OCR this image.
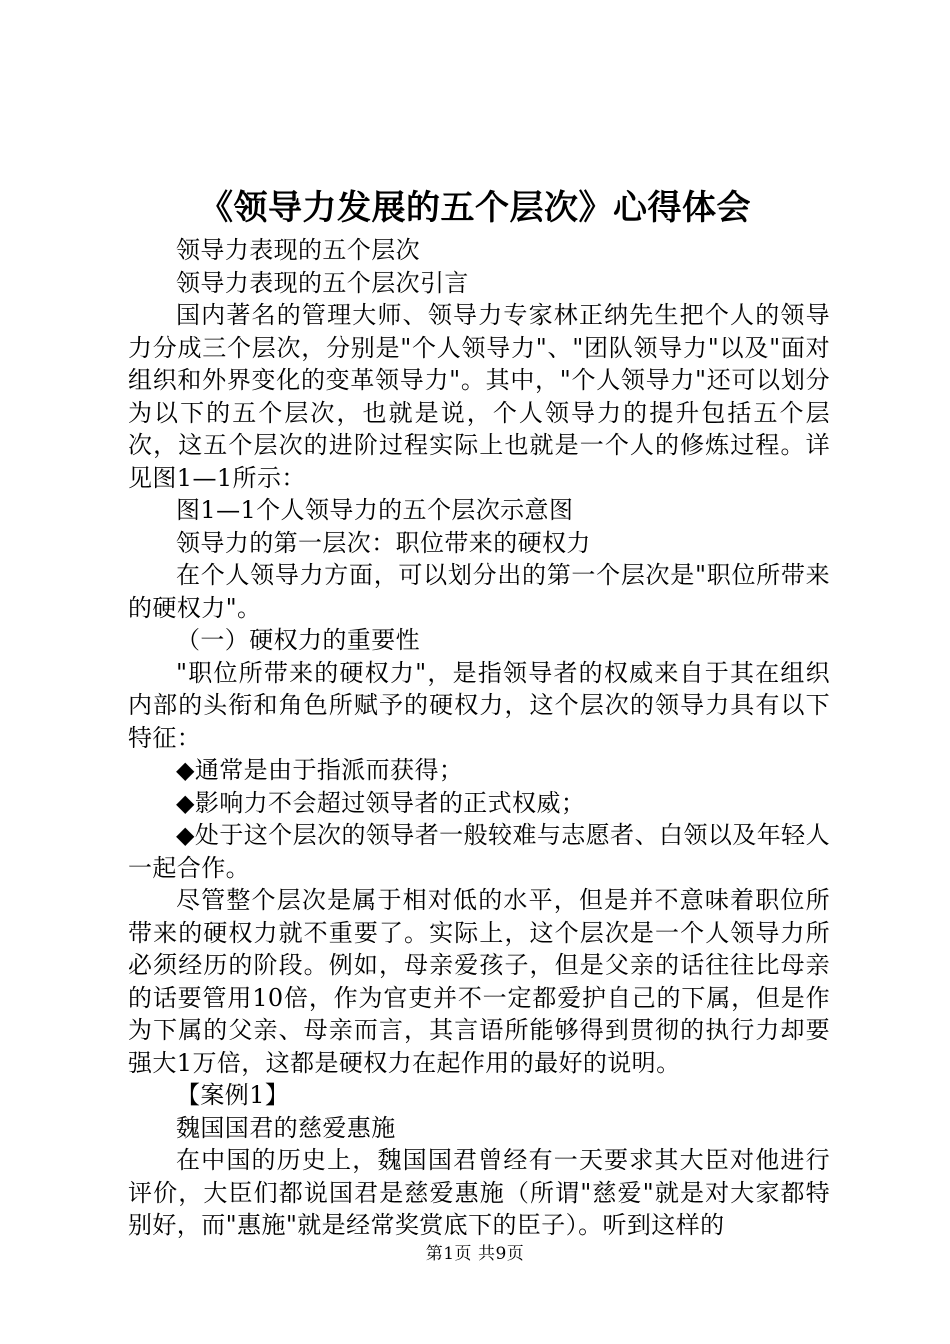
《领导力发展的五个层次》心得体会

领导力表现的五个层次

领导力表现的五个层次引言

国内著名的管理大师、领导力专家林正纳先生把个人的领导力分成三个层次，分别是"个人领导力"、"团队领导力"以及"面对组织和外界变化的变革领导力"。其中，"个人领导力"还可以划分为以下的五个层次，也就是说，个人领导力的提升包括五个层次，这五个层次的进阶过程实际上也就是一个人的修炼过程。详见图1—1所示：

图1—1个人领导力的五个层次示意图

领导力的第一层次：职位带来的硬权力

在个人领导力方面，可以划分出的第一个层次是"职位所带来的硬权力"。

（一）硬权力的重要性

"职位所带来的硬权力"，是指领导者的权威来自于其在组织内部的头衔和角色所赋予的硬权力，这个层次的领导力具有以下特征：

◆通常是由于指派而获得；

◆影响力不会超过领导者的正式权威；

◆处于这个层次的领导者一般较难与志愿者、白领以及年轻人一起合作。

尽管整个层次是属于相对低的水平，但是并不意味着职位所带来的硬权力就不重要了。实际上，这个层次是一个人领导力所必须经历的阶段。例如，母亲爱孩子，但是父亲的话往往比母亲的话要管用10倍，作为官吏并不一定都爱护自己的下属，但是作为下属的父亲、母亲而言，其言语所能够得到贯彻的执行力却要强大1万倍，这都是硬权力在起作用的最好的说明。

【案例1】

魏国国君的慈爱惠施

在中国的历史上，魏国国君曾经有一天要求其大臣对他进行评价，大臣们都说国君是慈爱惠施（所谓"慈爱"就是对大家都特别好，而"惠施"就是经常奖赏底下的臣子）。听到这样的

第1页 共9页
